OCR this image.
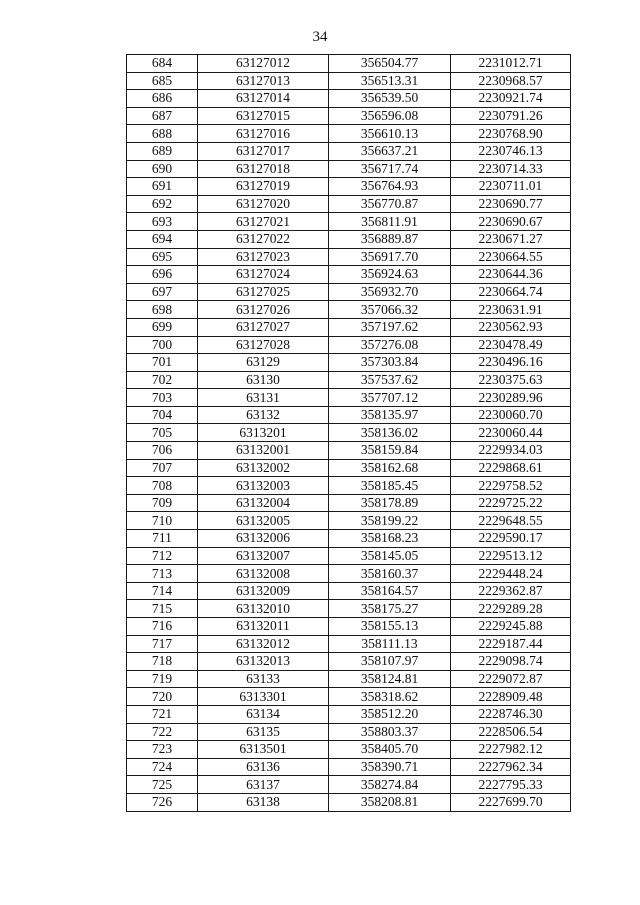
34
684	63127012	356504.77	2231012.71
685	63127013	356513.31	2230968.57
686	63127014	356539.50	2230921.74
687	63127015	356596.08	2230791.26
688	63127016	356610.13	2230768.90
689	63127017	356637.21	2230746.13
690	63127018	356717.74	2230714.33
691	63127019	356764.93	2230711.01
692	63127020	356770.87	2230690.77
693	63127021	356811.91	2230690.67
694	63127022	356889.87	2230671.27
695	63127023	356917.70	2230664.55
696	63127024	356924.63	2230644.36
697	63127025	356932.70	2230664.74
698	63127026	357066.32	2230631.91
699	63127027	357197.62	2230562.93
700	63127028	357276.08	2230478.49
701	63129	357303.84	2230496.16
702	63130	357537.62	2230375.63
703	63131	357707.12	2230289.96
704	63132	358135.97	2230060.70
705	6313201	358136.02	2230060.44
706	63132001	358159.84	2229934.03
707	63132002	358162.68	2229868.61
708	63132003	358185.45	2229758.52
709	63132004	358178.89	2229725.22
710	63132005	358199.22	2229648.55
711	63132006	358168.23	2229590.17
712	63132007	358145.05	2229513.12
713	63132008	358160.37	2229448.24
714	63132009	358164.57	2229362.87
715	63132010	358175.27	2229289.28
716	63132011	358155.13	2229245.88
717	63132012	358111.13	2229187.44
718	63132013	358107.97	2229098.74
719	63133	358124.81	2229072.87
720	6313301	358318.62	2228909.48
721	63134	358512.20	2228746.30
722	63135	358803.37	2228506.54
723	6313501	358405.70	2227982.12
724	63136	358390.71	2227962.34
725	63137	358274.84	2227795.33
726	63138	358208.81	2227699.70
